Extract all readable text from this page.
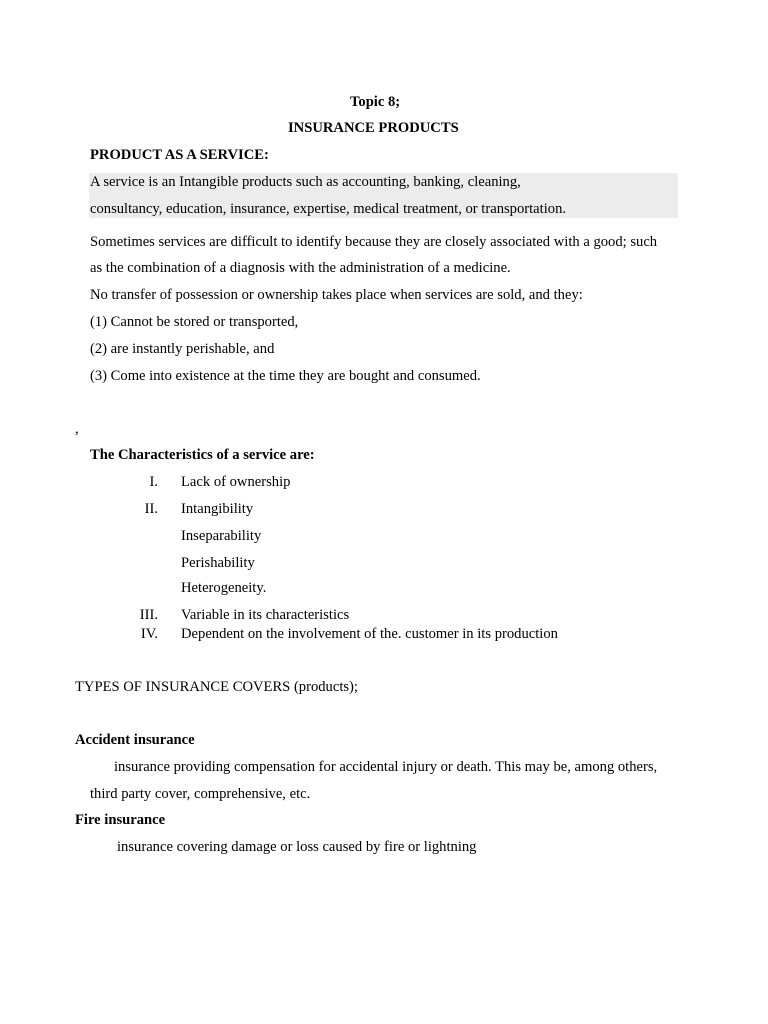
Topic 8;
INSURANCE PRODUCTS
PRODUCT AS A SERVICE:
A service is an Intangible products such as accounting, banking, cleaning,
consultancy, education, insurance, expertise, medical treatment, or transportation.
Sometimes services are difficult to identify because they are closely associated with a good; such
as the combination of a diagnosis with the administration of a medicine.
No transfer of possession or ownership takes place when services are sold, and they:
(1) Cannot be stored or transported,
(2) are instantly perishable, and
(3) Come into existence at the time they are bought and consumed.
,
The Characteristics of a service are:
I. Lack of ownership
II. Intangibility
Inseparability
Perishability
Heterogeneity.
III. Variable in its characteristics
IV. Dependent on the involvement of the. customer in its production
TYPES OF INSURANCE COVERS (products);
Accident insurance
insurance providing compensation for accidental injury or death. This may be, among others,
third party cover, comprehensive, etc.
Fire insurance
insurance covering damage or loss caused by fire or lightning
